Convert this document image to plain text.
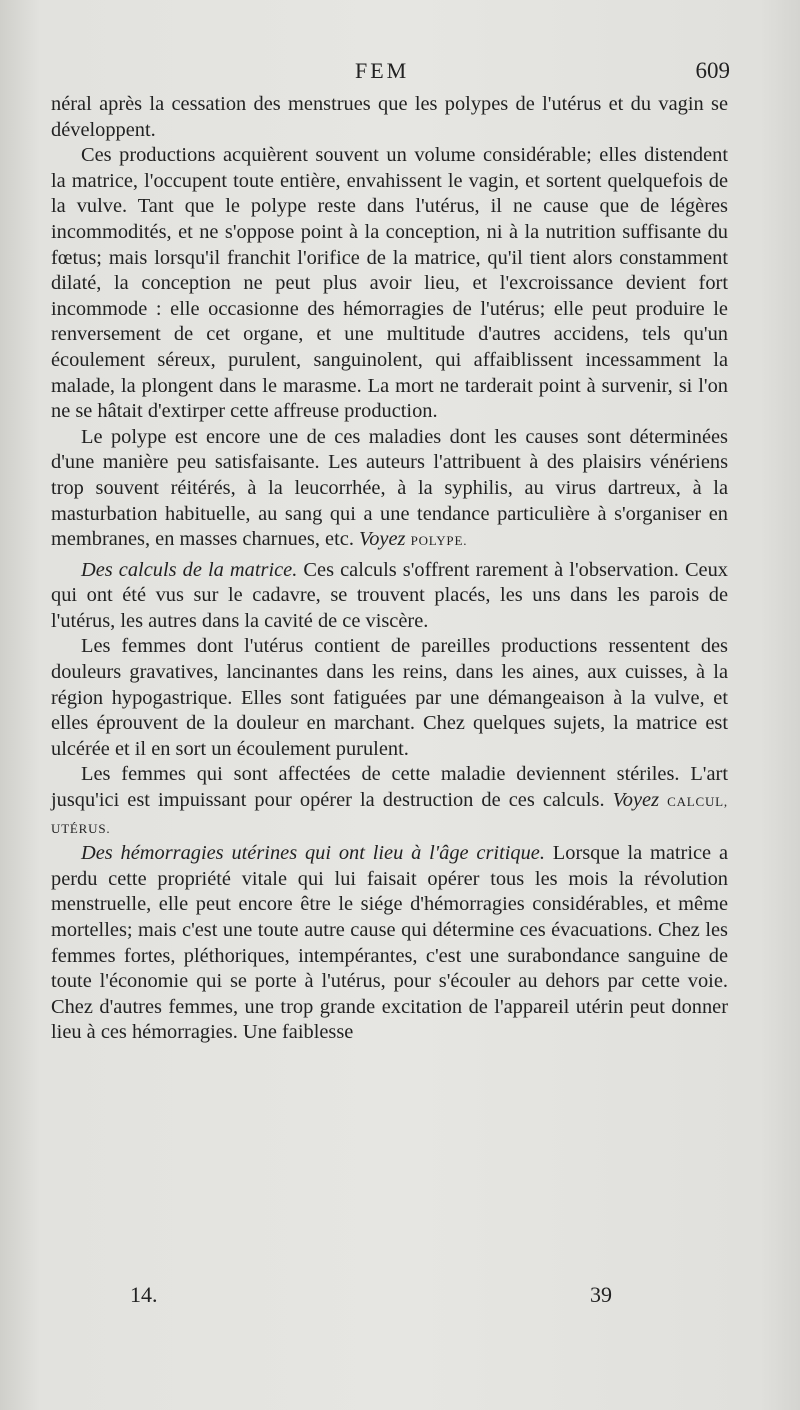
FEM	609

néral après la cessation des menstrues que les polypes de l'utérus et du vagin se développent.

Ces productions acquièrent souvent un volume considérable; elles distendent la matrice, l'occupent toute entière, envahissent le vagin, et sortent quelquefois de la vulve. Tant que le polype reste dans l'utérus, il ne cause que de légères incommodités, et ne s'oppose point à la conception, ni à la nutrition suffisante du fœtus; mais lorsqu'il franchit l'orifice de la matrice, qu'il tient alors constamment dilaté, la conception ne peut plus avoir lieu, et l'excroissance devient fort incommode : elle occasionne des hémorragies de l'utérus; elle peut produire le renversement de cet organe, et une multitude d'autres accidens, tels qu'un écoulement séreux, purulent, sanguinolent, qui affaiblissent incessamment la malade, la plongent dans le marasme. La mort ne tarderait point à survenir, si l'on ne se hâtait d'extirper cette affreuse production.

Le polype est encore une de ces maladies dont les causes sont déterminées d'une manière peu satisfaisante. Les auteurs l'attribuent à des plaisirs vénériens trop souvent réitérés, à la leucorrhée, à la syphilis, au virus dartreux, à la masturbation habituelle, au sang qui a une tendance particulière à s'organiser en membranes, en masses charnues, etc. Voyez POLYPE.

Des calculs de la matrice. Ces calculs s'offrent rarement à l'observation. Ceux qui ont été vus sur le cadavre, se trouvent placés, les uns dans les parois de l'utérus, les autres dans la cavité de ce viscère.

Les femmes dont l'utérus contient de pareilles productions ressentent des douleurs gravatives, lancinantes dans les reins, dans les aines, aux cuisses, à la région hypogastrique. Elles sont fatiguées par une démangeaison à la vulve, et elles éprouvent de la douleur en marchant. Chez quelques sujets, la matrice est ulcérée et il en sort un écoulement purulent.

Les femmes qui sont affectées de cette maladie deviennent stériles. L'art jusqu'ici est impuissant pour opérer la destruction de ces calculs. Voyez CALCUL, UTÉRUS.

Des hémorragies utérines qui ont lieu à l'âge critique. Lorsque la matrice a perdu cette propriété vitale qui lui faisait opérer tous les mois la révolution menstruelle, elle peut encore être le siége d'hémorragies considérables, et même mortelles; mais c'est une toute autre cause qui détermine ces évacuations. Chez les femmes fortes, pléthoriques, intempérantes, c'est une surabondance sanguine de toute l'économie qui se porte à l'utérus, pour s'écouler au dehors par cette voie. Chez d'autres femmes, une trop grande excitation de l'appareil utérin peut donner lieu à ces hémorragies. Une faiblesse

14.	39
